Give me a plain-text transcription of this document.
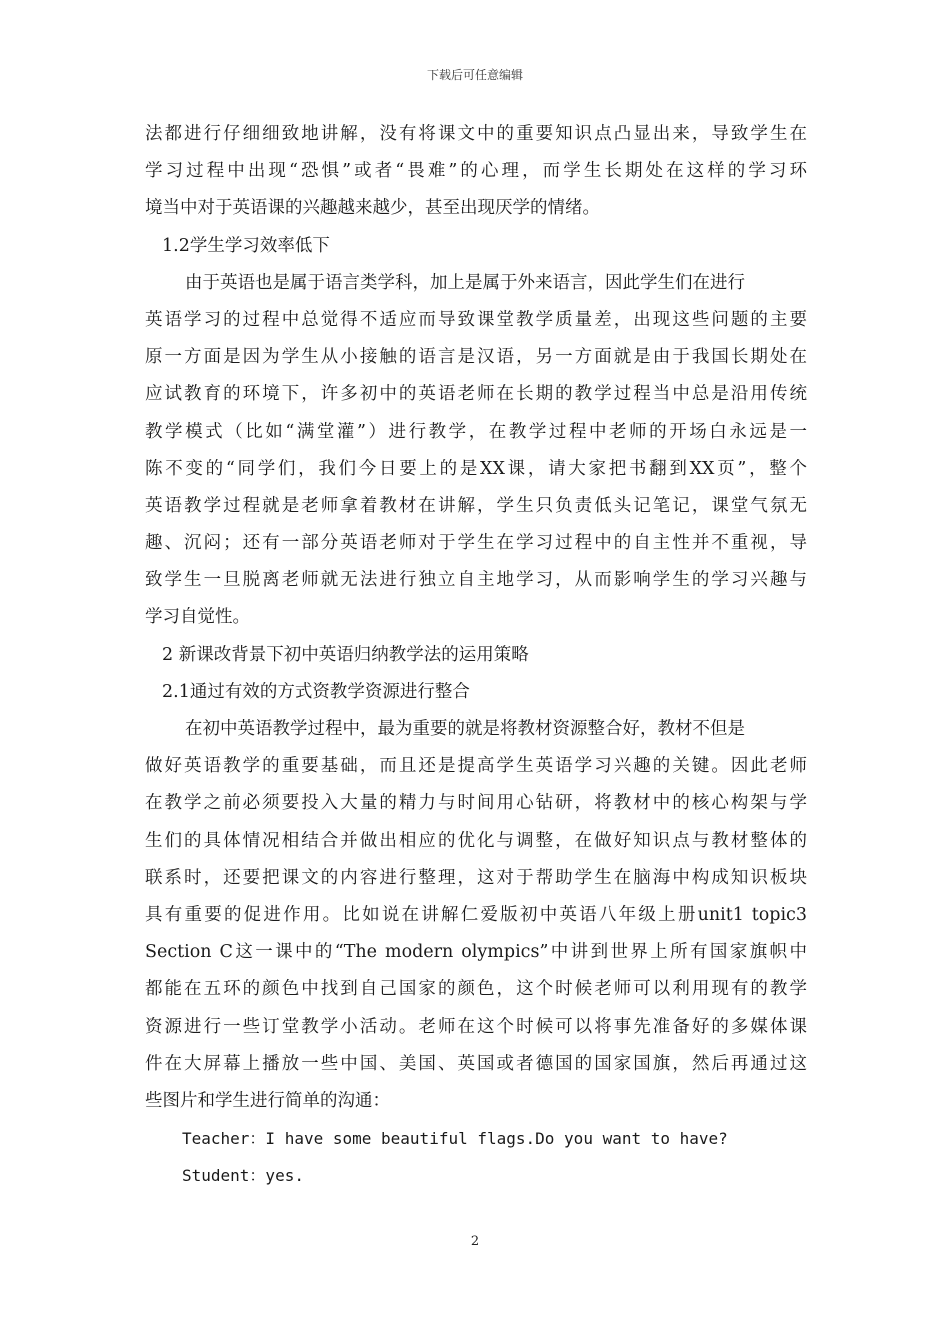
下载后可任意编辑
法都进行仔细细致地讲解，没有将课文中的重要知识点凸显出来，导致学生在
学习过程中出现“恐惧”或者“畏难”的心理，而学生长期处在这样的学习环
境当中对于英语课的兴趣越来越少，甚至出现厌学的情绪。
1.2学生学习效率低下
由于英语也是属于语言类学科，加上是属于外来语言，因此学生们在进行
英语学习的过程中总觉得不适应而导致课堂教学质量差，出现这些问题的主要
原一方面是因为学生从小接触的语言是汉语，另一方面就是由于我国长期处在
应试教育的环境下，许多初中的英语老师在长期的教学过程当中总是沿用传统
教学模式（比如“满堂灌”）进行教学，在教学过程中老师的开场白永远是一
陈不变的“同学们，我们今日要上的是XX课，请大家把书翻到XX页”，整个
英语教学过程就是老师拿着教材在讲解，学生只负责低头记笔记，课堂气氛无
趣、沉闷；还有一部分英语老师对于学生在学习过程中的自主性并不重视，导
致学生一旦脱离老师就无法进行独立自主地学习，从而影响学生的学习兴趣与
学习自觉性。
2 新课改背景下初中英语归纳教学法的运用策略
2.1通过有效的方式资教学资源进行整合
在初中英语教学过程中，最为重要的就是将教材资源整合好，教材不但是
做好英语教学的重要基础，而且还是提高学生英语学习兴趣的关键。因此老师
在教学之前必须要投入大量的精力与时间用心钻研，将教材中的核心构架与学
生们的具体情况相结合并做出相应的优化与调整，在做好知识点与教材整体的
联系时，还要把课文的内容进行整理，这对于帮助学生在脑海中构成知识板块
具有重要的促进作用。比如说在讲解仁爱版初中英语八年级上册unit1 topic3
Section C这一课中的“The modern olympics”中讲到世界上所有国家旗帜中
都能在五环的颜色中找到自己国家的颜色，这个时候老师可以利用现有的教学
资源进行一些订堂教学小活动。老师在这个时候可以将事先准备好的多媒体课
件在大屏幕上播放一些中国、美国、英国或者德国的国家国旗，然后再通过这
些图片和学生进行简单的沟通：
Teacher：I have some beautiful flags.Do you want to have?
Student：yes.
2
